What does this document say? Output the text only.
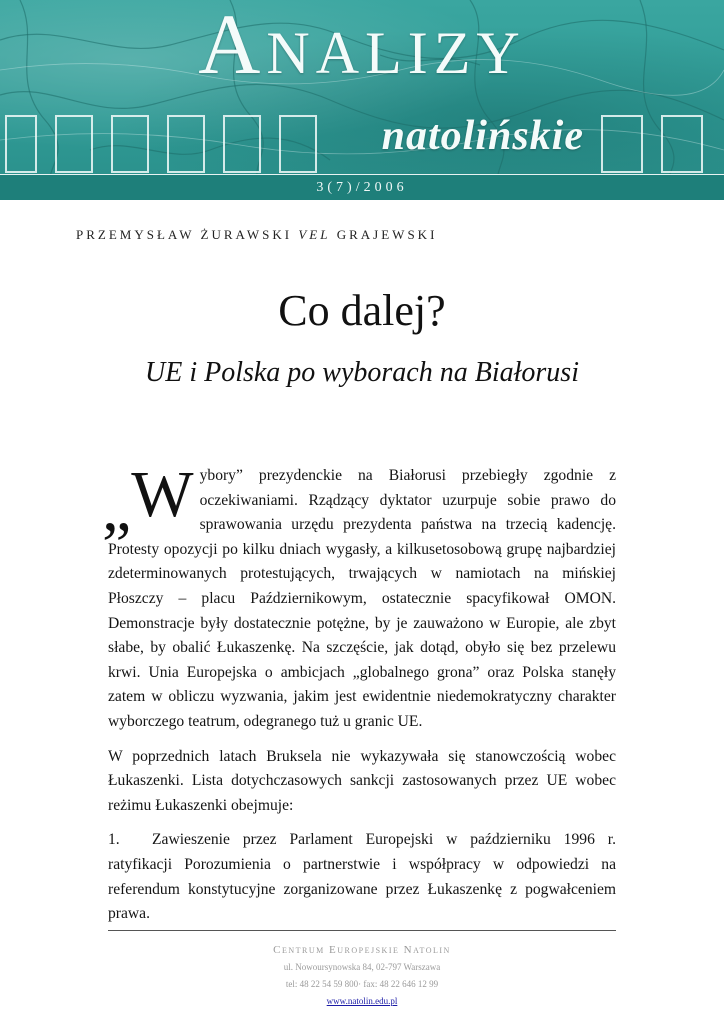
Analizy
natolińskie
3(7)/2006
PRZEMYSŁAW ŻURAWSKI VEL GRAJEWSKI
Co dalej?
UE i Polska po wyborach na Białorusi

„W ybory” prezydenckie na Białorusi przebiegły zgodnie z oczekiwaniami. Rządzący dyktator uzurpuje sobie prawo do sprawowania urzędu prezydenta państwa na trzecią kadencję. Protesty opozycji po kilku dniach wygasły, a kilkusetosobową grupę najbardziej zdeterminowanych protestujących, trwających w namiotach na mińskiej Płoszczy – placu Październikowym, ostatecznie spacyfikował OMON. Demonstracje były dostatecznie potężne, by je zauważono w Europie, ale zbyt słabe, by obalić Łukaszenkę. Na szczęście, jak dotąd, obyło się bez przelewu krwi. Unia Europejska o ambicjach „globalnego grona” oraz Polska stanęły zatem w obliczu wyzwania, jakim jest ewidentnie niedemokratyczny charakter wyborczego teatrum, odegranego tuż u granic UE.

W poprzednich latach Bruksela nie wykazywała się stanowczością wobec Łukaszenki. Lista dotychczasowych sankcji zastosowanych przez UE wobec reżimu Łukaszenki obejmuje:

1. Zawieszenie przez Parlament Europejski w październiku 1996 r. ratyfikacji Porozumienia o partnerstwie i współpracy w odpowiedzi na referendum konstytucyjne zorganizowane przez Łukaszenkę z pogwałceniem prawa.

Centrum Europejskie Natolin
ul. Nowoursynowska 84, 02-797 Warszawa
tel: 48 22 54 59 800· fax: 48 22 646 12 99
www.natolin.edu.pl
